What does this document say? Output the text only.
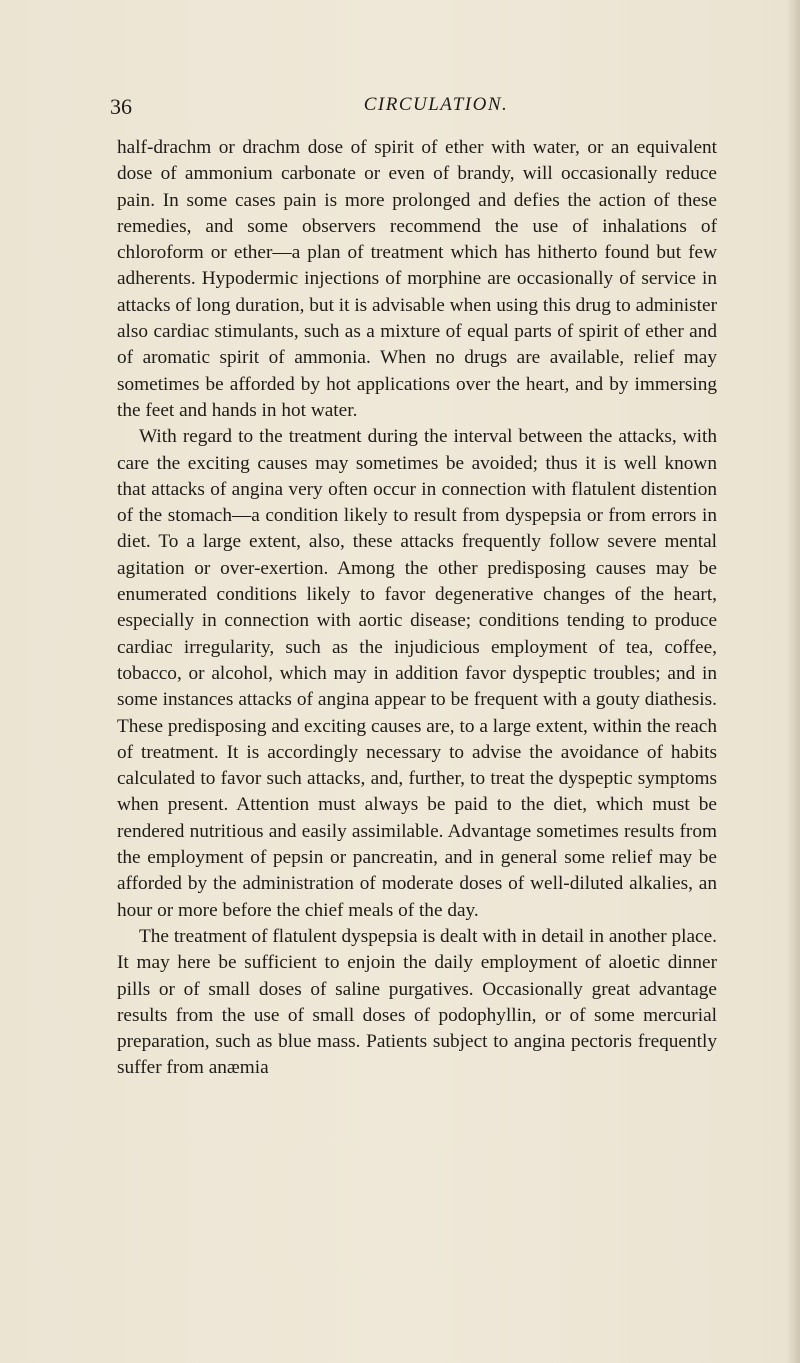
36	CIRCULATION.

half-drachm or drachm dose of spirit of ether with water, or an equivalent dose of ammonium carbonate or even of brandy, will occasionally reduce pain. In some cases pain is more prolonged and defies the action of these remedies, and some observers recommend the use of inhalations of chloroform or ether—a plan of treatment which has hitherto found but few adherents. Hypodermic injections of morphine are occasionally of service in attacks of long duration, but it is advisable when using this drug to administer also cardiac stimulants, such as a mixture of equal parts of spirit of ether and of aromatic spirit of ammonia. When no drugs are available, relief may sometimes be afforded by hot applications over the heart, and by immersing the feet and hands in hot water.

With regard to the treatment during the interval between the attacks, with care the exciting causes may sometimes be avoided; thus it is well known that attacks of angina very often occur in connection with flatulent distention of the stomach—a condition likely to result from dyspepsia or from errors in diet. To a large extent, also, these attacks frequently follow severe mental agitation or over-exertion. Among the other predisposing causes may be enumerated conditions likely to favor degenerative changes of the heart, especially in connection with aortic disease; conditions tending to produce cardiac irregularity, such as the injudicious employment of tea, coffee, tobacco, or alcohol, which may in addition favor dyspeptic troubles; and in some instances attacks of angina appear to be frequent with a gouty diathesis. These predisposing and exciting causes are, to a large extent, within the reach of treatment. It is accordingly necessary to advise the avoidance of habits calculated to favor such attacks, and, further, to treat the dyspeptic symptoms when present. Attention must always be paid to the diet, which must be rendered nutritious and easily assimilable. Advantage sometimes results from the employment of pepsin or pancreatin, and in general some relief may be afforded by the administration of moderate doses of well-diluted alkalies, an hour or more before the chief meals of the day.

The treatment of flatulent dyspepsia is dealt with in detail in another place. It may here be sufficient to enjoin the daily employment of aloetic dinner pills or of small doses of saline purgatives. Occasionally great advantage results from the use of small doses of podophyllin, or of some mercurial preparation, such as blue mass. Patients subject to angina pectoris frequently suffer from anæmia
